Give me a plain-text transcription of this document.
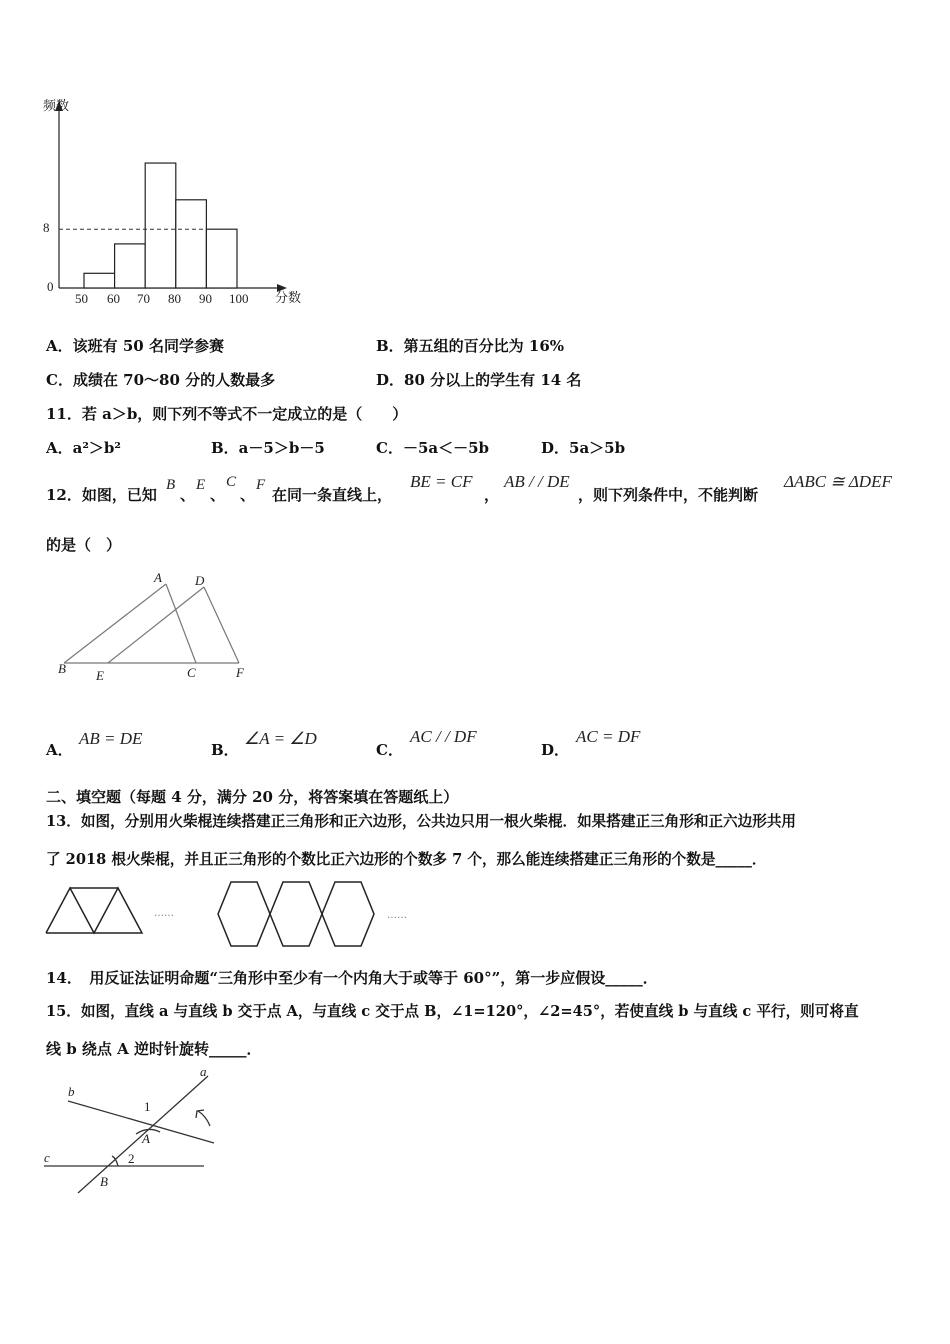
频数
分数
8
0
50 60 70 80 90 100
A．该班有 50 名同学参赛	B．第五组的百分比为 16%
C．成绩在 70～80 分的人数最多	D．80 分以上的学生有 14 名
11．若 a＞b，则下列不等式不一定成立的是（　　）
A．a²＞b²	B．a－5＞b－5	C．－5a＜－5b	D．5a＞5b
12．如图，已知
B
、
E
、
C
、
F
在同一条直线上，
BE = CF
，
AB / / DE
，则下列条件中，不能判断
ΔABC ≅ ΔDEF
的是（　）
A	D
B E	C	F
A．
AB = DE
B．
∠A = ∠D
C．
AC / / DF
D．
AC = DF
二、填空题（每题 4 分，满分 20 分，将答案填在答题纸上）
13．如图，分别用火柴棍连续搭建正三角形和正六边形，公共边只用一根火柴棍．如果搭建正三角形和正六边形共用
了 2018 根火柴棍，并且正三角形的个数比正六边形的个数多 7 个，那么能连续搭建正三角形的个数是_____．
……	……
14．　用反证法证明命题“三角形中至少有一个内角大于或等于 60°”，第一步应假设_____．
15．如图，直线 a 与直线 b 交于点 A，与直线 c 交于点 B，∠1=120°，∠2=45°，若使直线 b 与直线 c 平行，则可将直
线 b 绕点 A 逆时针旋转_____．
a
b
c
1
2
A
B
